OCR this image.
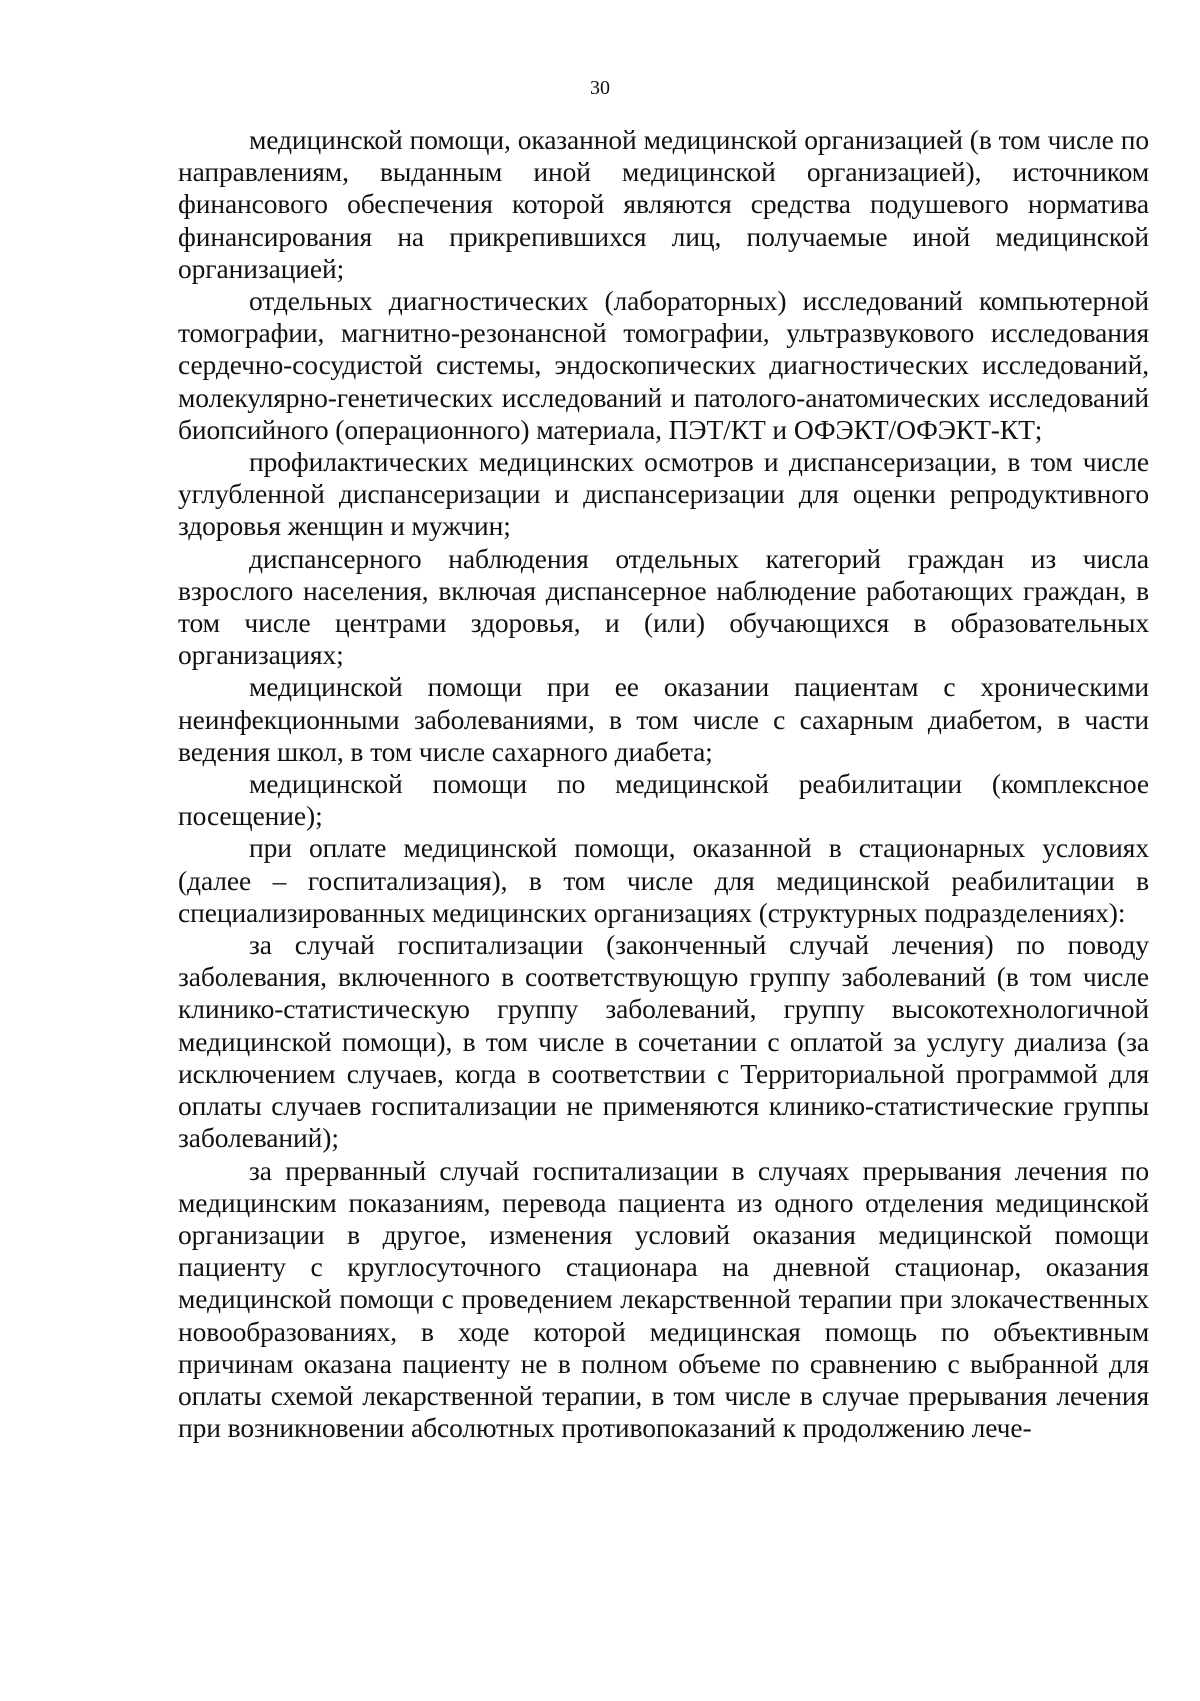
30

медицинской помощи, оказанной медицинской организацией (в том числе по направлениям, выданным иной медицинской организацией), источником финансового обеспечения которой являются средства подушевого норматива финансирования на прикрепившихся лиц, получаемые иной медицинской организацией;

отдельных диагностических (лабораторных) исследований компьютерной томографии, магнитно-резонансной томографии, ультразвукового исследования сердечно-сосудистой системы, эндоскопических диагностических исследований, молекулярно-генетических исследований и патолого-анатомических исследований биопсийного (операционного) материала, ПЭТ/КТ и ОФЭКТ/ОФЭКТ-КТ;

профилактических медицинских осмотров и диспансеризации, в том числе углубленной диспансеризации и диспансеризации для оценки репродуктивного здоровья женщин и мужчин;

диспансерного наблюдения отдельных категорий граждан из числа взрослого населения, включая диспансерное наблюдение работающих граждан, в том числе центрами здоровья, и (или) обучающихся в образовательных организациях;

медицинской помощи при ее оказании пациентам с хроническими неинфекционными заболеваниями, в том числе с сахарным диабетом, в части ведения школ, в том числе сахарного диабета;

медицинской помощи по медицинской реабилитации (комплексное посещение);

при оплате медицинской помощи, оказанной в стационарных условиях (далее – госпитализация), в том числе для медицинской реабилитации в специализированных медицинских организациях (структурных подразделениях):

за случай госпитализации (законченный случай лечения) по поводу заболевания, включенного в соответствующую группу заболеваний (в том числе клинико-статистическую группу заболеваний, группу высокотехнологичной медицинской помощи), в том числе в сочетании с оплатой за услугу диализа (за исключением случаев, когда в соответствии с Территориальной программой для оплаты случаев госпитализации не применяются клинико-статистические группы заболеваний);

за прерванный случай госпитализации в случаях прерывания лечения по медицинским показаниям, перевода пациента из одного отделения медицинской организации в другое, изменения условий оказания медицинской помощи пациенту с круглосуточного стационара на дневной стационар, оказания медицинской помощи с проведением лекарственной терапии при злокачественных новообразованиях, в ходе которой медицинская помощь по объективным причинам оказана пациенту не в полном объеме по сравнению с выбранной для оплаты схемой лекарственной терапии, в том числе в случае прерывания лечения при возникновении абсолютных противопоказаний к продолжению лече-
